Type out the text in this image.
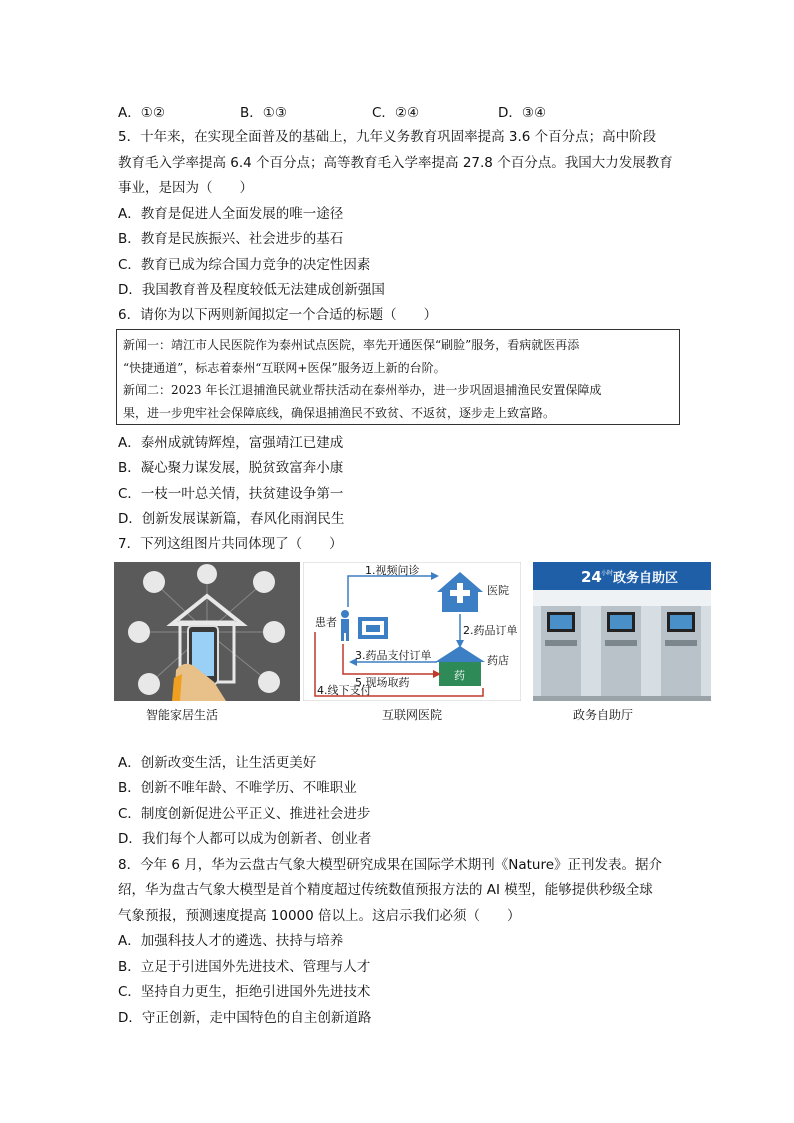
A．①②	B．①③	C．②④	D．③④
5．十年来，在实现全面普及的基础上，九年义务教育巩固率提高 3.6 个百分点；高中阶段
教育毛入学率提高 6.4 个百分点；高等教育毛入学率提高 27.8 个百分点。我国大力发展教育
事业，是因为（　　）
A．教育是促进人全面发展的唯一途径
B．教育是民族振兴、社会进步的基石
C．教育已成为综合国力竞争的决定性因素
D．我国教育普及程度较低无法建成创新强国
6．请你为以下两则新闻拟定一个合适的标题（　　）
新闻一：靖江市人民医院作为泰州试点医院，率先开通医保“刷脸”服务，看病就医再添
“快捷通道”，标志着泰州“互联网+医保”服务迈上新的台阶。
新闻二：2023 年长江退捕渔民就业帮扶活动在泰州举办，进一步巩固退捕渔民安置保障成
果，进一步兜牢社会保障底线，确保退捕渔民不致贫、不返贫，逐步走上致富路。
A．泰州成就铸辉煌，富强靖江已建成
B．凝心聚力谋发展，脱贫致富奔小康
C．一枝一叶总关情，扶贫建设争第一
D．创新发展谋新篇，春风化雨润民生
7．下列这组图片共同体现了（　　）
1.视频问诊
医院
2.药品订单
患者
药
药店
3.药品支付订单
5.现场取药
4.线下支付
24 小时 政务自助区
智能家居生活	互联网医院	政务自助厅
A．创新改变生活，让生活更美好
B．创新不唯年龄、不唯学历、不唯职业
C．制度创新促进公平正义、推进社会进步
D．我们每个人都可以成为创新者、创业者
8．今年 6 月，华为云盘古气象大模型研究成果在国际学术期刊《Nature》正刊发表。据介
绍，华为盘古气象大模型是首个精度超过传统数值预报方法的 AI 模型，能够提供秒级全球
气象预报，预测速度提高 10000 倍以上。这启示我们必须（　　）
A．加强科技人才的遴选、扶持与培养
B．立足于引进国外先进技术、管理与人才
C．坚持自力更生，拒绝引进国外先进技术
D．守正创新，走中国特色的自主创新道路
